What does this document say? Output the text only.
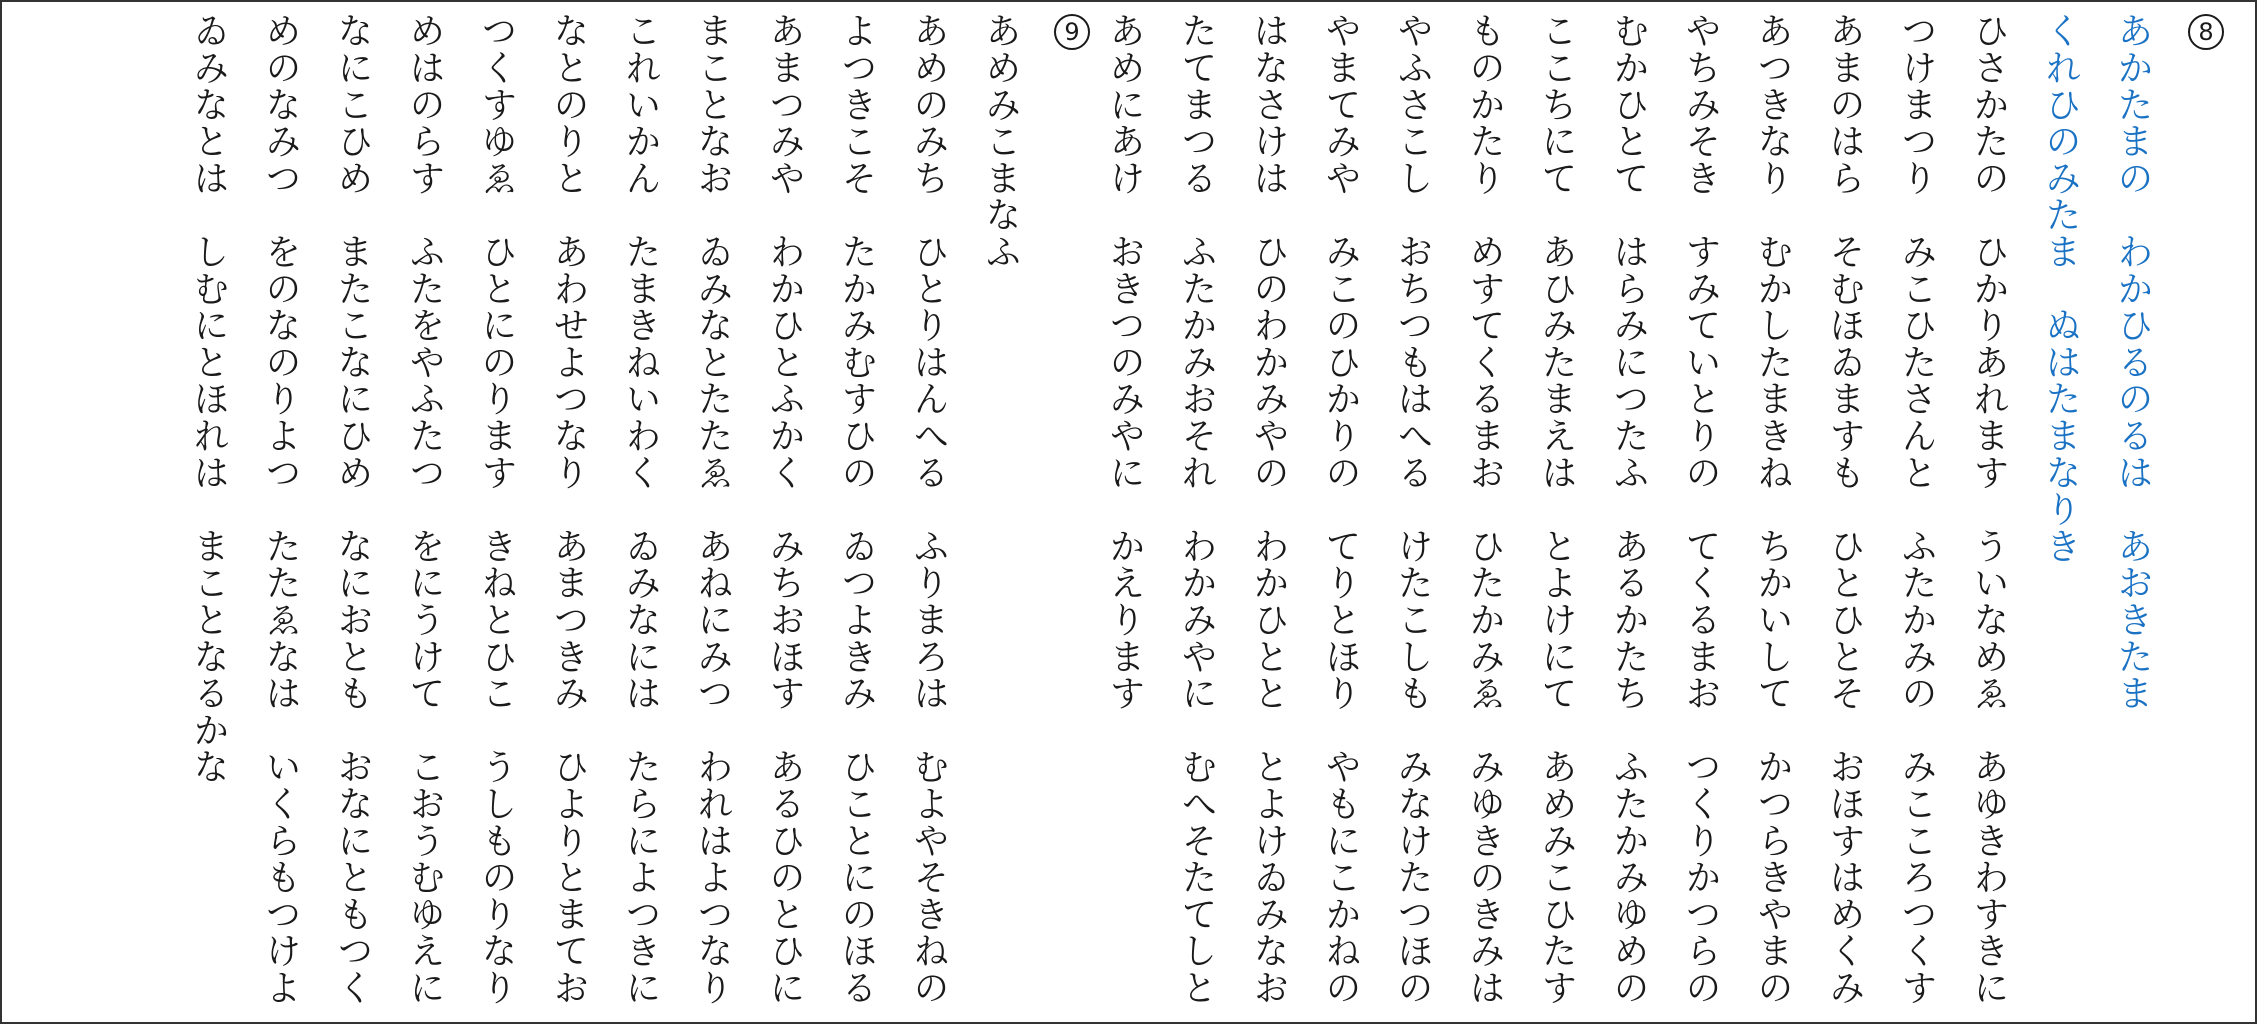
8
あかたまの　わかひるのるは　あおきたま
くれひのみたま　ぬはたまなりき
ひさかたの　ひかりあれます　ういなめゑ　あゆきわすきに
つけまつり　みこひたさんと　ふたかみの　みこころつくす
あまのはら　そむほゐますも　ひとひとそ　おほすはめくみ
あつきなり　むかしたまきね　ちかいして　かつらきやまの
やちみそき　すみていとりの　てくるまお　つくりかつらの
むかひとて　はらみにつたふ　あるかたち　ふたかみゆめの
ここちにて　あひみたまえは　とよけにて　あめみこひたす
ものかたり　めすてくるまお　ひたかみゑ　みゆきのきみは
やふさこし　おちつもはへる　けたこしも　みなけたつほの
やまてみや　みこのひかりの　てりとほり　やもにこかねの
はなさけは　ひのわかみやの　わかひとと　とよけゐみなお
たてまつる　ふたかみおそれ　わかみやに　むへそたてしと
あめにあけ　おきつのみやに　かえります
9
あめみこまなふ
あめのみち　ひとりはんへる　ふりまろは　むよやそきねの
よつきこそ　たかみむすひの　ゐつよきみ　ひことにのほる
あまつみや　わかひとふかく　みちおほす　あるひのとひに
まことなお　ゐみなとたたゑ　あねにみつ　われはよつなり
これいかん　たまきねいわく　ゐみなには　たらによつきに
なとのりと　あわせよつなり　あまつきみ　ひよりとまてお
つくすゆゑ　ひとにのります　きねとひこ　うしものりなり
めはのらす　ふたをやふたつ　をにうけて　こおうむゆえに
なにこひめ　またこなにひめ　なにおとも　おなにともつく
めのなみつ　をのなのりよつ　たたゑなは　いくらもつけよ
ゐみなとは　しむにとほれは　まことなるかな
